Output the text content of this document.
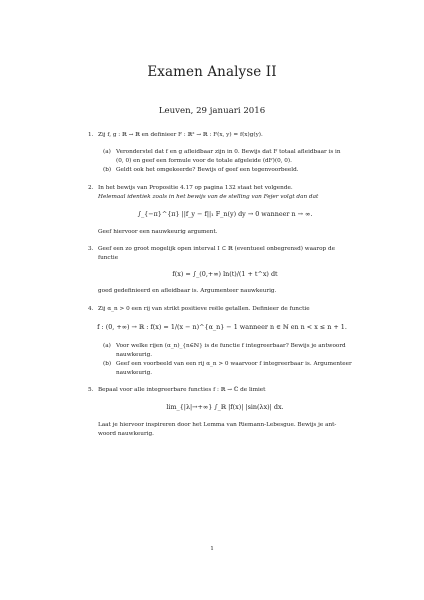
Examen Analyse II
Leuven, 29 januari 2016
1. Zij f, g : ℝ → ℝ en definieer F : ℝ² → ℝ : F(x, y) = f(x)g(y).
(a) Veronderstel dat f en g afleidbaar zijn in 0. Bewijs dat F totaal afleidbaar is in
(0, 0) en geef een formule voor de totale afgeleide (dF)(0, 0).
(b) Geldt ook het omgekeerde? Bewijs of geef een tegenvoorbeeld.
2. In het bewijs van Propositie 4.17 op pagina 132 staat het volgende.
Helemaal identiek zoals in het bewijs van de stelling van Fejer volgt dan dat
∫_{−π}^{π} ||f_y − f||₁ F_n(y) dy → 0 wanneer n → ∞.
Geef hiervoor een nauwkeurig argument.
3. Geef een zo groot mogelijk open interval I ⊂ ℝ (eventueel onbegrensd) waarop de
functie
f(x) = ∫_(0,+∞) ln(t)/(1 + t^x) dt
goed gedefinieerd en afleidbaar is. Argumenteer nauwkeurig.
4. Zij α_n > 0 een rij van strikt positieve reële getallen. Definieer de functie
f : (0, +∞) → ℝ : f(x) = 1/(x − n)^{α_n} − 1 wanneer n ∈ ℕ en n < x ≤ n + 1.
(a) Voor welke rijen (α_n)_{n∈ℕ} is de functie f integreerbaar? Bewijs je antwoord
nauwkeurig.
(b) Geef een voorbeeld van een rij α_n > 0 waarvoor f integreerbaar is. Argumenteer
nauwkeurig.
5. Bepaal voor alle integreerbare functies f : ℝ → ℂ de limiet
lim_{|λ|→+∞} ∫_ℝ |f(x)| |sin(λx)| dx.
Laat je hiervoor inspireren door het Lemma van Riemann-Lebesgue. Bewijs je ant-
woord nauwkeurig.
1
